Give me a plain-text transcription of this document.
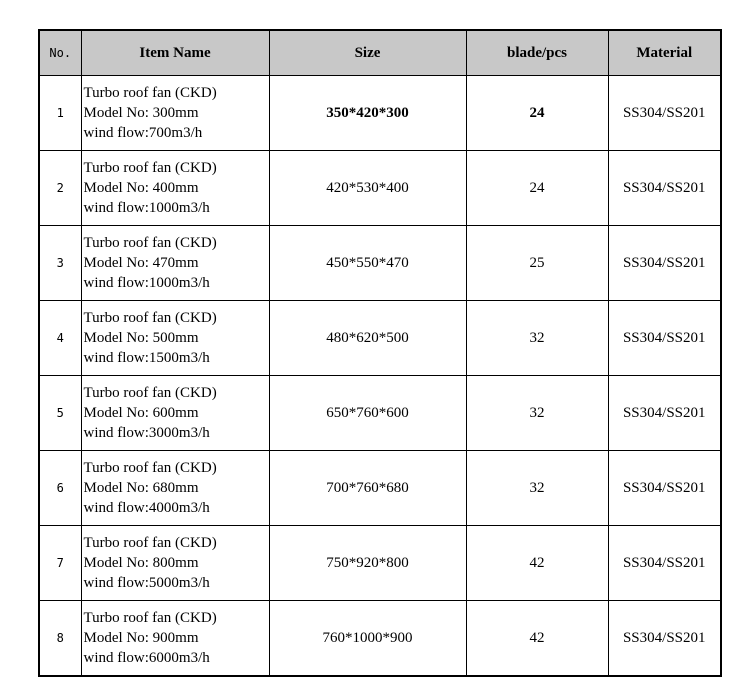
No.	Item Name	Size	blade/pcs	Material
1	Turbo roof fan (CKD)
Model No: 300mm
wind flow:700m3/h	350*420*300	24	SS304/SS201
2	Turbo roof fan (CKD)
Model No: 400mm
wind flow:1000m3/h	420*530*400	24	SS304/SS201
3	Turbo roof fan (CKD)
Model No: 470mm
wind flow:1000m3/h	450*550*470	25	SS304/SS201
4	Turbo roof fan (CKD)
Model No: 500mm
wind flow:1500m3/h	480*620*500	32	SS304/SS201
5	Turbo roof fan (CKD)
Model No: 600mm
wind flow:3000m3/h	650*760*600	32	SS304/SS201
6	Turbo roof fan (CKD)
Model No: 680mm
wind flow:4000m3/h	700*760*680	32	SS304/SS201
7	Turbo roof fan (CKD)
Model No: 800mm
wind flow:5000m3/h	750*920*800	42	SS304/SS201
8	Turbo roof fan (CKD)
Model No: 900mm
wind flow:6000m3/h	760*1000*900	42	SS304/SS201
